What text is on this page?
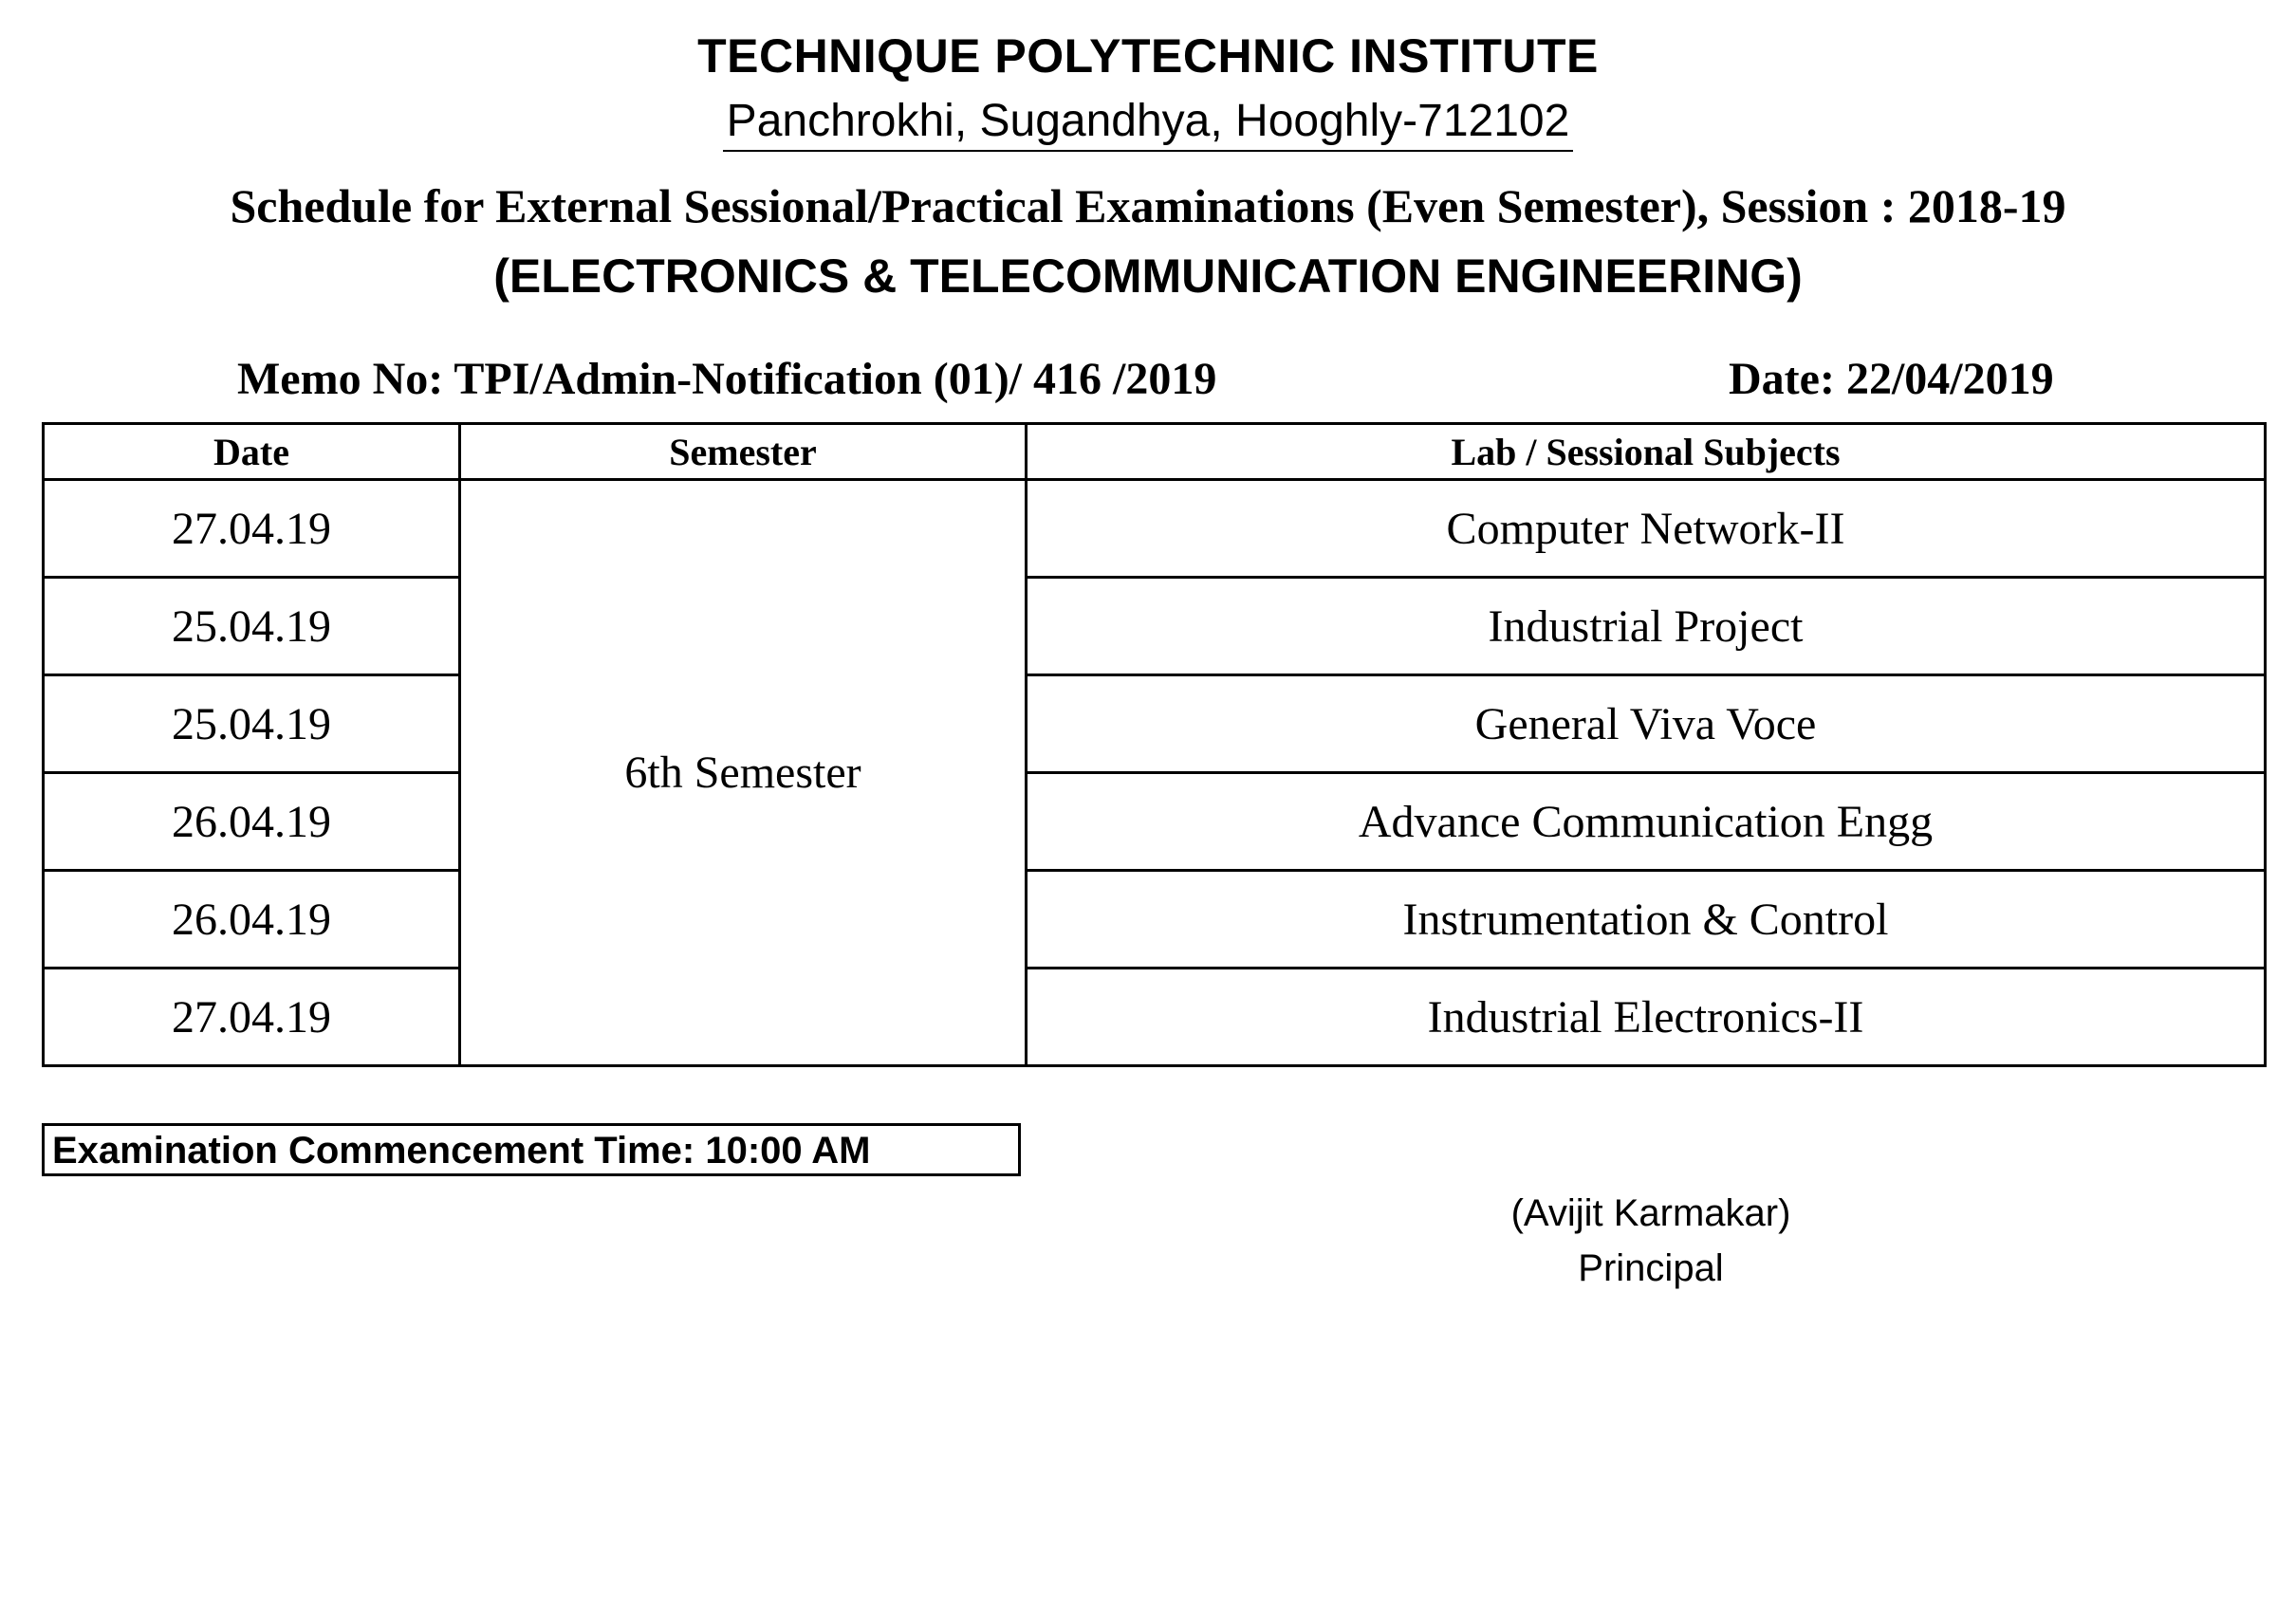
TECHNIQUE POLYTECHNIC INSTITUTE
Panchrokhi, Sugandhya, Hooghly-712102
Schedule for External Sessional/Practical Examinations (Even Semester), Session : 2018-19
(ELECTRONICS & TELECOMMUNICATION ENGINEERING)
Memo No: TPI/Admin-Notification (01)/ 416 /2019	Date: 22/04/2019
Date	Semester	Lab / Sessional Subjects
27.04.19	6th Semester	Computer Network-II
25.04.19		Industrial Project
25.04.19		General Viva Voce
26.04.19		Advance Communication Engg
26.04.19		Instrumentation & Control
27.04.19		Industrial Electronics-II
Examination Commencement Time: 10:00 AM
(Avijit Karmakar)
Principal
